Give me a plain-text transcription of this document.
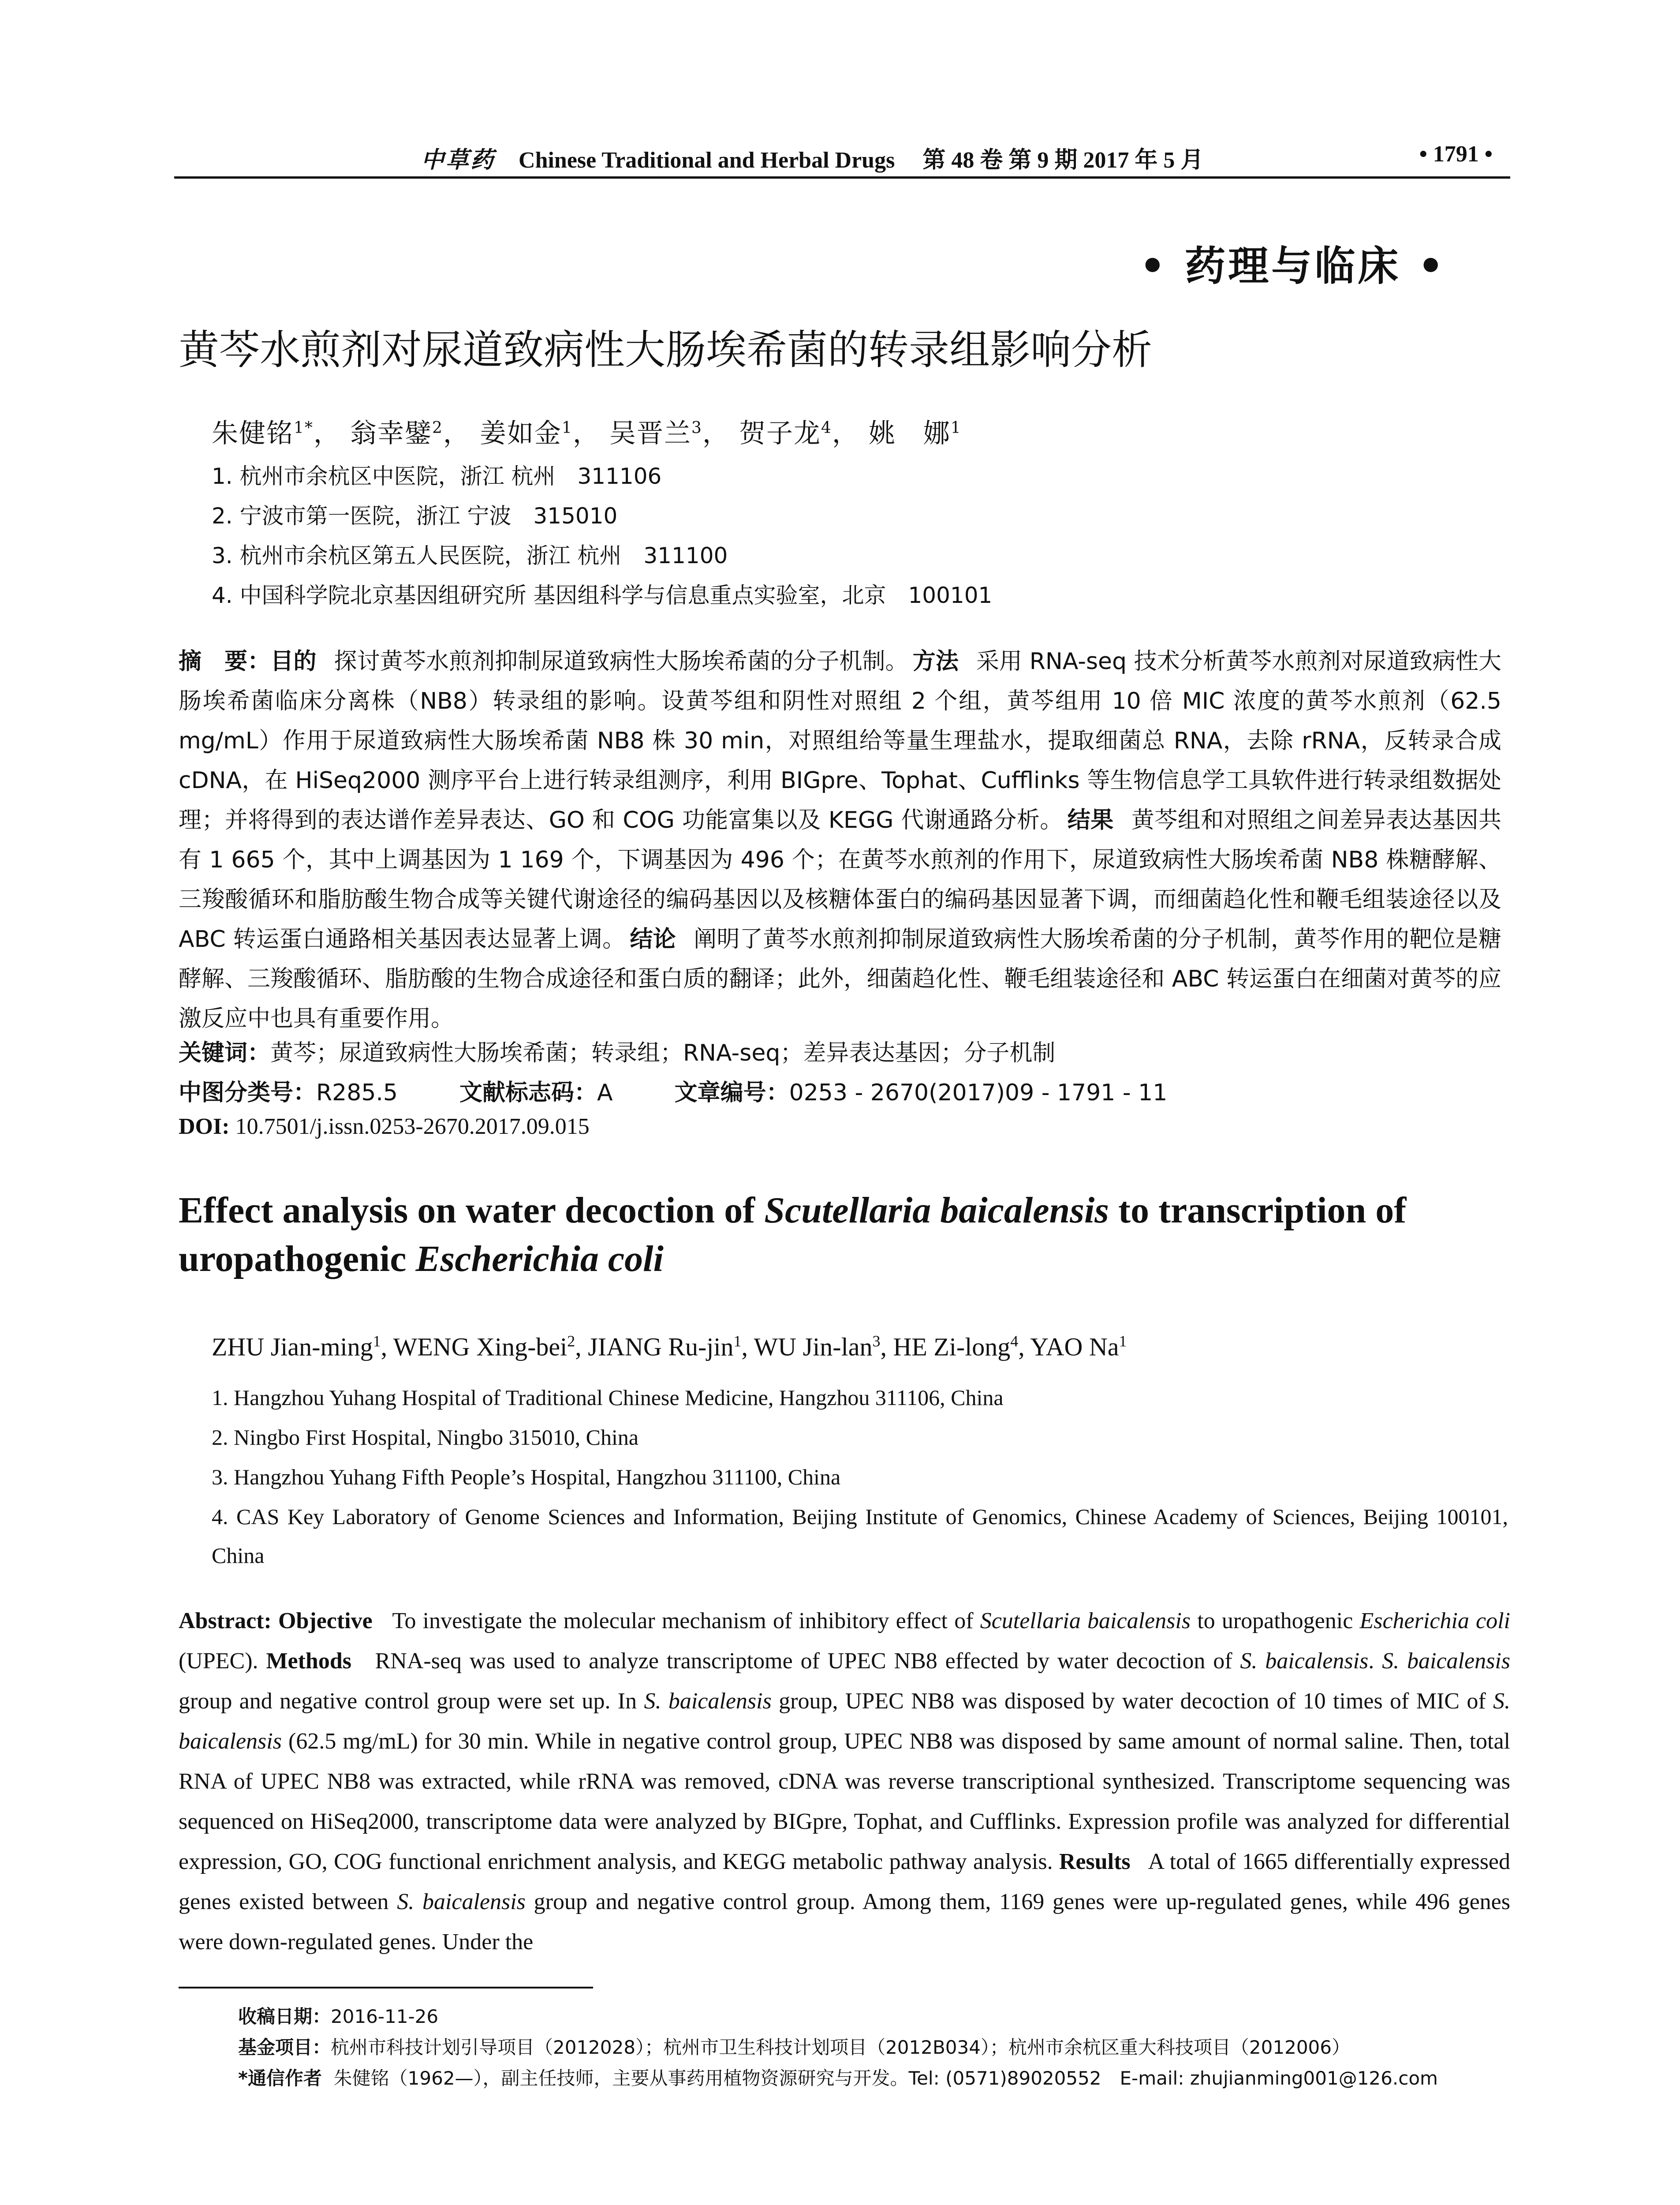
中草药 Chinese Traditional and Herbal Drugs 第 48 卷 第 9 期 2017 年 5 月	• 1791 •
• 药理与临床 •
黄芩水煎剂对尿道致病性大肠埃希菌的转录组影响分析
朱健铭$^{1*}$， 翁幸鐾$^2$， 姜如金$^1$， 吴晋兰$^3$， 贺子龙$^4$， 姚　娜$^1$
1. 杭州市余杭区中医院，浙江 杭州　311106
2. 宁波市第一医院，浙江 宁波　315010
3. 杭州市余杭区第五人民医院，浙江 杭州　311100
4. 中国科学院北京基因组研究所 基因组科学与信息重点实验室，北京　100101
摘　要：目的 探讨黄芩水煎剂抑制尿道致病性大肠埃希菌的分子机制。 方法 采用 RNA-seq 技术分析黄芩水煎剂对尿道致病性大肠埃希菌临床分离株（NB8）转录组的影响。设黄芩组和阴性对照组 2 个组，黄芩组用 10 倍 MIC 浓度的黄芩水煎剂（62.5 mg/mL）作用于尿道致病性大肠埃希菌 NB8 株 30 min，对照组给等量生理盐水，提取细菌总 RNA，去除 rRNA，反转录合成 cDNA，在 HiSeq2000 测序平台上进行转录组测序，利用 BIGpre、Tophat、Cufflinks 等生物信息学工具软件进行转录组数据处理；并将得到的表达谱作差异表达、GO 和 COG 功能富集以及 KEGG 代谢通路分析。 结果 黄芩组和对照组之间差异表达基因共有 1 665 个，其中上调基因为 1 169 个，下调基因为 496 个；在黄芩水煎剂的作用下，尿道致病性大肠埃希菌 NB8 株糖酵解、三羧酸循环和脂肪酸生物合成等关键代谢途径的编码基因以及核糖体蛋白的编码基因显著下调，而细菌趋化性和鞭毛组装途径以及 ABC 转运蛋白通路相关基因表达显著上调。 结论 阐明了黄芩水煎剂抑制尿道致病性大肠埃希菌的分子机制，黄芩作用的靶位是糖酵解、三羧酸循环、脂肪酸的生物合成途径和蛋白质的翻译；此外，细菌趋化性、鞭毛组装途径和 ABC 转运蛋白在细菌对黄芩的应激反应中也具有重要作用。
关键词：黄芩；尿道致病性大肠埃希菌；转录组；RNA-seq；差异表达基因；分子机制
中图分类号：R285.5	文献标志码：A	文章编号：0253 - 2670(2017)09 - 1791 - 11
DOI: 10.7501/j.issn.0253-2670.2017.09.015
Effect analysis on water decoction of Scutellaria baicalensis to transcription of uropathogenic Escherichia coli
ZHU Jian-ming$^1$, WENG Xing-bei$^2$, JIANG Ru-jin$^1$, WU Jin-lan$^3$, HE Zi-long$^4$, YAO Na$^1$
1. Hangzhou Yuhang Hospital of Traditional Chinese Medicine, Hangzhou 311106, China
2. Ningbo First Hospital, Ningbo 315010, China
3. Hangzhou Yuhang Fifth People’s Hospital, Hangzhou 311100, China
4. CAS Key Laboratory of Genome Sciences and Information, Beijing Institute of Genomics, Chinese Academy of Sciences, Beijing 100101, China
Abstract: Objective To investigate the molecular mechanism of inhibitory effect of Scutellaria baicalensis to uropathogenic Escherichia coli (UPEC). Methods RNA-seq was used to analyze transcriptome of UPEC NB8 effected by water decoction of S. baicalensis. S. baicalensis group and negative control group were set up. In S. baicalensis group, UPEC NB8 was disposed by water decoction of 10 times of MIC of S. baicalensis (62.5 mg/mL) for 30 min. While in negative control group, UPEC NB8 was disposed by same amount of normal saline. Then, total RNA of UPEC NB8 was extracted, while rRNA was removed, cDNA was reverse transcriptional synthesized. Transcriptome sequencing was sequenced on HiSeq2000, transcriptome data were analyzed by BIGpre, Tophat, and Cufflinks. Expression profile was analyzed for differential expression, GO, COG functional enrichment analysis, and KEGG metabolic pathway analysis. Results A total of 1665 differentially expressed genes existed between S. baicalensis group and negative control group. Among them, 1169 genes were up-regulated genes, while 496 genes were down-regulated genes. Under the
收稿日期：2016-11-26
基金项目：杭州市科技计划引导项目（2012028）；杭州市卫生科技计划项目（2012B034）；杭州市余杭区重大科技项目（2012006）
*通信作者 朱健铭（1962—），副主任技师，主要从事药用植物资源研究与开发。Tel: (0571)89020552　E-mail: zhujianming001@126.com
